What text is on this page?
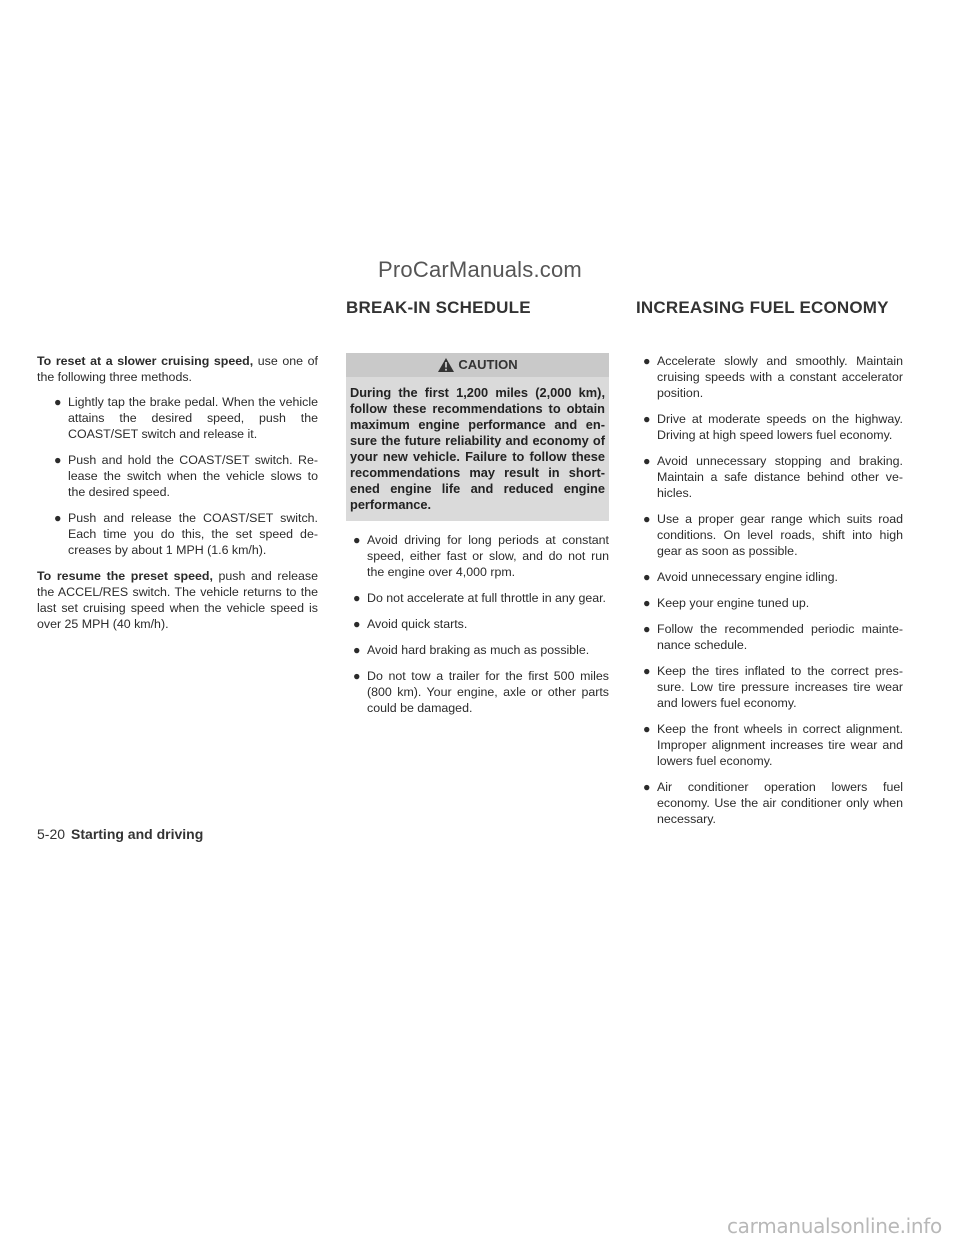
ProCarManuals.com
BREAK-IN SCHEDULE	INCREASING FUEL ECONOMY

To reset at a slower cruising speed, use one of the following three methods.

● Lightly tap the brake pedal. When the vehicle attains the desired speed, push the COAST/SET switch and release it.
● Push and hold the COAST/SET switch. Release the switch when the vehicle slows to the desired speed.
● Push and release the COAST/SET switch. Each time you do this, the set speed decreases by about 1 MPH (1.6 km/h).

To resume the preset speed, push and release the ACCEL/RES switch. The vehicle returns to the last set cruising speed when the vehicle speed is over 25 MPH (40 km/h).

CAUTION
During the first 1,200 miles (2,000 km), follow these recommendations to obtain maximum engine performance and ensure the future reliability and economy of your new vehicle. Failure to follow these recommendations may result in shortened engine life and reduced engine performance.
● Avoid driving for long periods at constant speed, either fast or slow, and do not run the engine over 4,000 rpm.
● Do not accelerate at full throttle in any gear.
● Avoid quick starts.
● Avoid hard braking as much as possible.
● Do not tow a trailer for the first 500 miles (800 km). Your engine, axle or other parts could be damaged.
● Accelerate slowly and smoothly. Maintain cruising speeds with a constant accelerator position.
● Drive at moderate speeds on the highway. Driving at high speed lowers fuel economy.
● Avoid unnecessary stopping and braking. Maintain a safe distance behind other vehicles.
● Use a proper gear range which suits road conditions. On level roads, shift into high gear as soon as possible.
● Avoid unnecessary engine idling.
● Keep your engine tuned up.
● Follow the recommended periodic maintenance schedule.
● Keep the tires inflated to the correct pressure. Low tire pressure increases tire wear and lowers fuel economy.
● Keep the front wheels in correct alignment. Improper alignment increases tire wear and lowers fuel economy.
● Air conditioner operation lowers fuel economy. Use the air conditioner only when necessary.
5-20 Starting and driving
carmanualsonline.info
